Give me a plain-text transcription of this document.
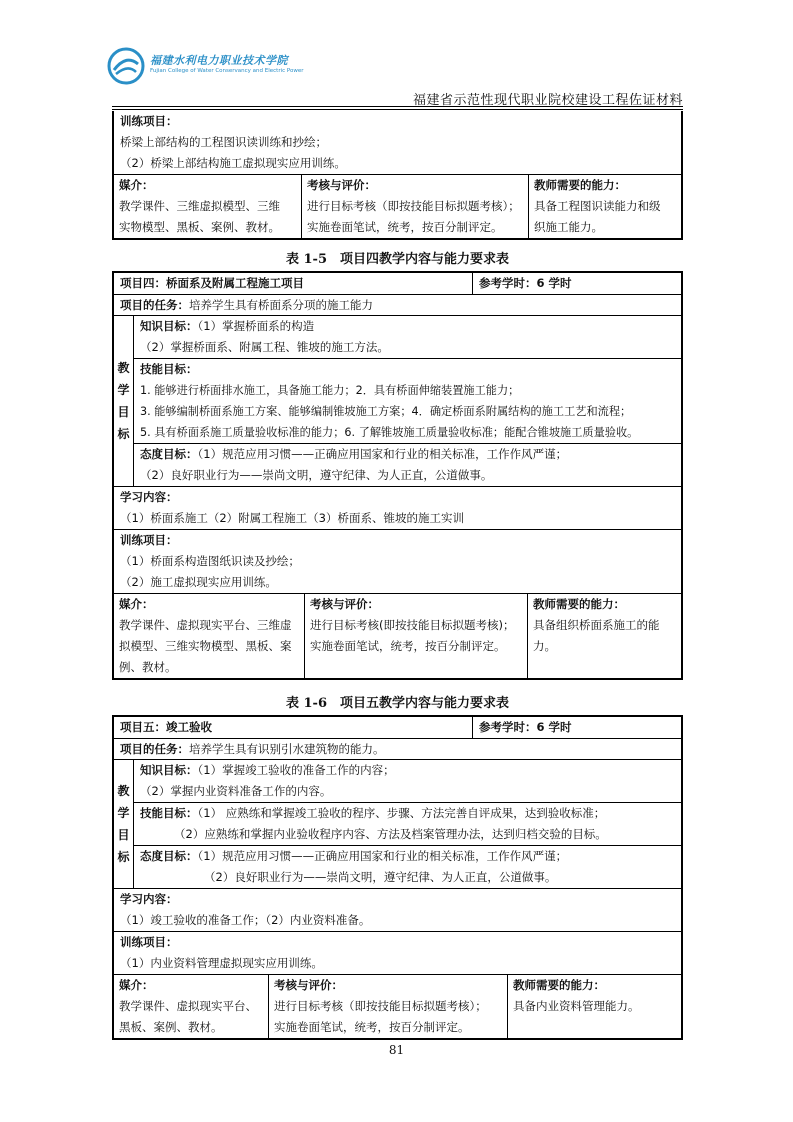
福建水利电力职业技术学院
Fujian College of Water Conservancy and Electric Power
福建省示范性现代职业院校建设工程佐证材料
训练项目：
桥梁上部结构的工程图识读训练和抄绘；
（2）桥梁上部结构施工虚拟现实应用训练。
媒介：
教学课件、三维虚拟模型、三维
实物模型、黑板、案例、教材。
考核与评价：
进行目标考核（即按技能目标拟题考核）；
实施卷面笔试，统考，按百分制评定。
教师需要的能力：
具备工程图识读能力和级
织施工能力。
表 1-5　项目四教学内容与能力要求表
项目四：桥面系及附属工程施工项目	参考学时：6 学时
项目的任务：培养学生具有桥面系分项的施工能力
教
学
目
标
知识目标：（1）掌握桥面系的构造
（2）掌握桥面系、附属工程、锥坡的施工方法。
技能目标：
1. 能够进行桥面排水施工，具备施工能力；2．具有桥面伸缩装置施工能力；
3. 能够编制桥面系施工方案、能够编制锥坡施工方案；4．确定桥面系附属结构的施工工艺和流程；
5. 具有桥面系施工质量验收标准的能力；6. 了解锥坡施工质量验收标准；能配合锥坡施工质量验收。
态度目标：（1）规范应用习惯——正确应用国家和行业的相关标准，工作作风严谨；
（2）良好职业行为——崇尚文明，遵守纪律、为人正直，公道做事。
学习内容：
（1）桥面系施工（2）附属工程施工（3）桥面系、锥坡的施工实训
训练项目：
（1）桥面系构造图纸识读及抄绘；
（2）施工虚拟现实应用训练。
媒介：
教学课件、虚拟现实平台、三维虚
拟模型、三维实物模型、黑板、案
例、教材。
考核与评价：
进行目标考核(即按技能目标拟题考核)；
实施卷面笔试，统考，按百分制评定。
教师需要的能力：
具备组织桥面系施工的能
力。
表 1-6　项目五教学内容与能力要求表
项目五：竣工验收	参考学时：6 学时
项目的任务：培养学生具有识别引水建筑物的能力。
教
学
目
标
知识目标：（1）掌握竣工验收的准备工作的内容；
（2）掌握内业资料准备工作的内容。
技能目标：（1） 应熟练和掌握竣工验收的程序、步骤、方法完善自评成果，达到验收标准；
（2）应熟练和掌握内业验收程序内容、方法及档案管理办法，达到归档交验的目标。
态度目标：（1）规范应用习惯——正确应用国家和行业的相关标准，工作作风严谨；
（2）良好职业行为——崇尚文明，遵守纪律、为人正直，公道做事。
学习内容：
（1）竣工验收的准备工作；（2）内业资料准备。
训练项目：
（1）内业资料管理虚拟现实应用训练。
媒介：
教学课件、虚拟现实平台、
黑板、案例、教材。
考核与评价：
进行目标考核（即按技能目标拟题考核）；
实施卷面笔试，统考，按百分制评定。
教师需要的能力：
具备内业资料管理能力。
81
